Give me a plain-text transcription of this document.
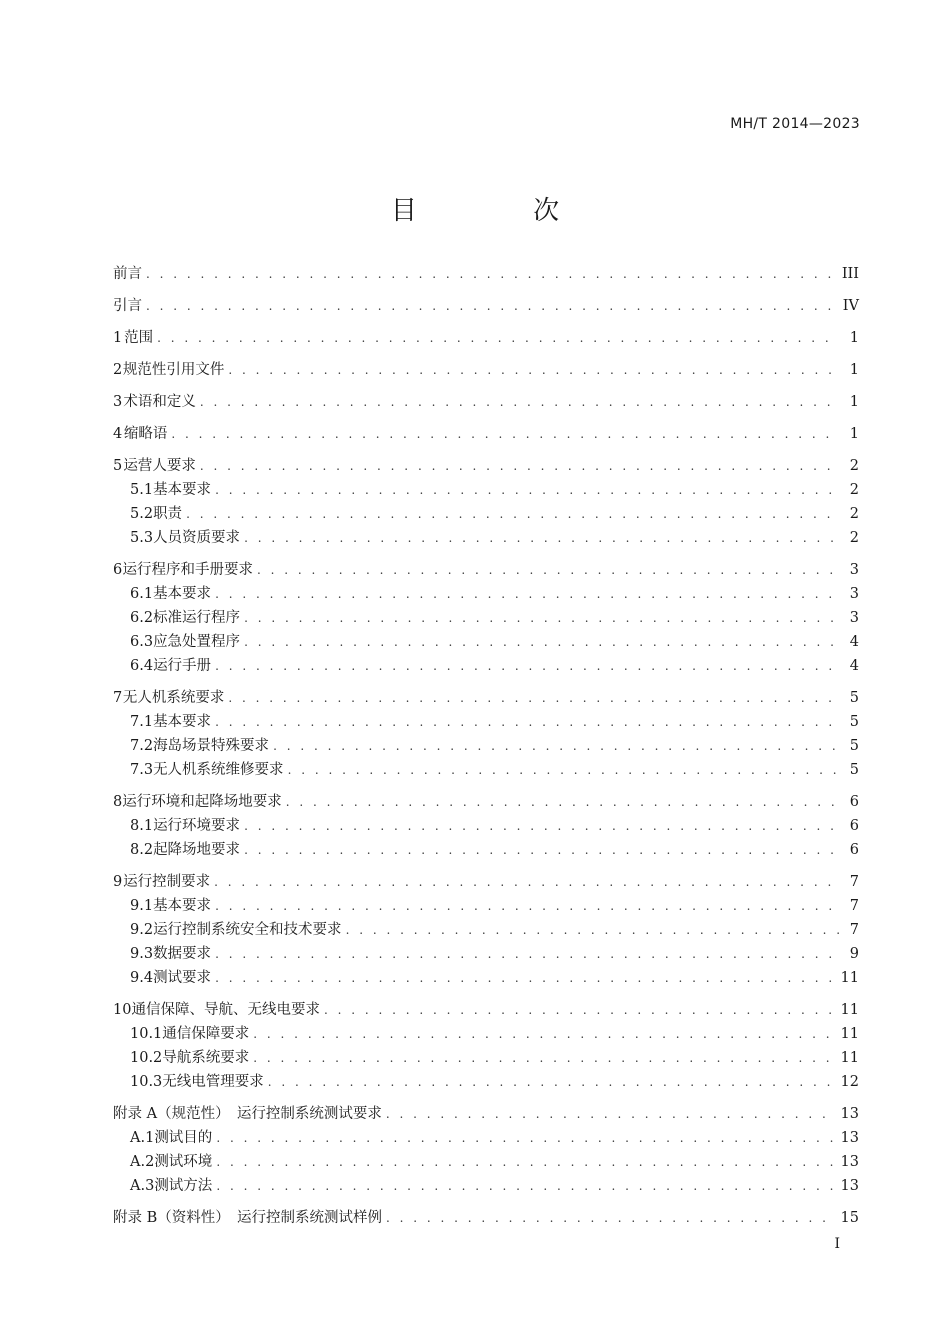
MH/T 2014—2023
目 次
前言 . . .	III
引言 . . .	IV
1 范围 . . .	1
2 规范性引用文件 . . .	1
3 术语和定义 . . .	1
4 缩略语 . . .	1
5 运营人要求 . . .	2
5.1 基本要求 . . .	2
5.2 职责 . . .	2
5.3 人员资质要求 . . .	2
6 运行程序和手册要求 . . .	3
6.1 基本要求 . . .	3
6.2 标准运行程序 . . .	3
6.3 应急处置程序 . . .	4
6.4 运行手册 . . .	4
7 无人机系统要求 . . .	5
7.1 基本要求 . . .	5
7.2 海岛场景特殊要求 . . .	5
7.3 无人机系统维修要求 . . .	5
8 运行环境和起降场地要求 . . .	6
8.1 运行环境要求 . . .	6
8.2 起降场地要求 . . .	6
9 运行控制要求 . . .	7
9.1 基本要求 . . .	7
9.2 运行控制系统安全和技术要求 . . .	7
9.3 数据要求 . . .	9
9.4 测试要求 . . .	11
10 通信保障、导航、无线电要求 . . .	11
10.1 通信保障要求 . . .	11
10.2 导航系统要求 . . .	11
10.3 无线电管理要求 . . .	12
附录 A（规范性）　运行控制系统测试要求 . . .	13
A.1 测试目的 . . .	13
A.2 测试环境 . . .	13
A.3 测试方法 . . .	13
附录 B（资料性）　运行控制系统测试样例 . . .	15
I
